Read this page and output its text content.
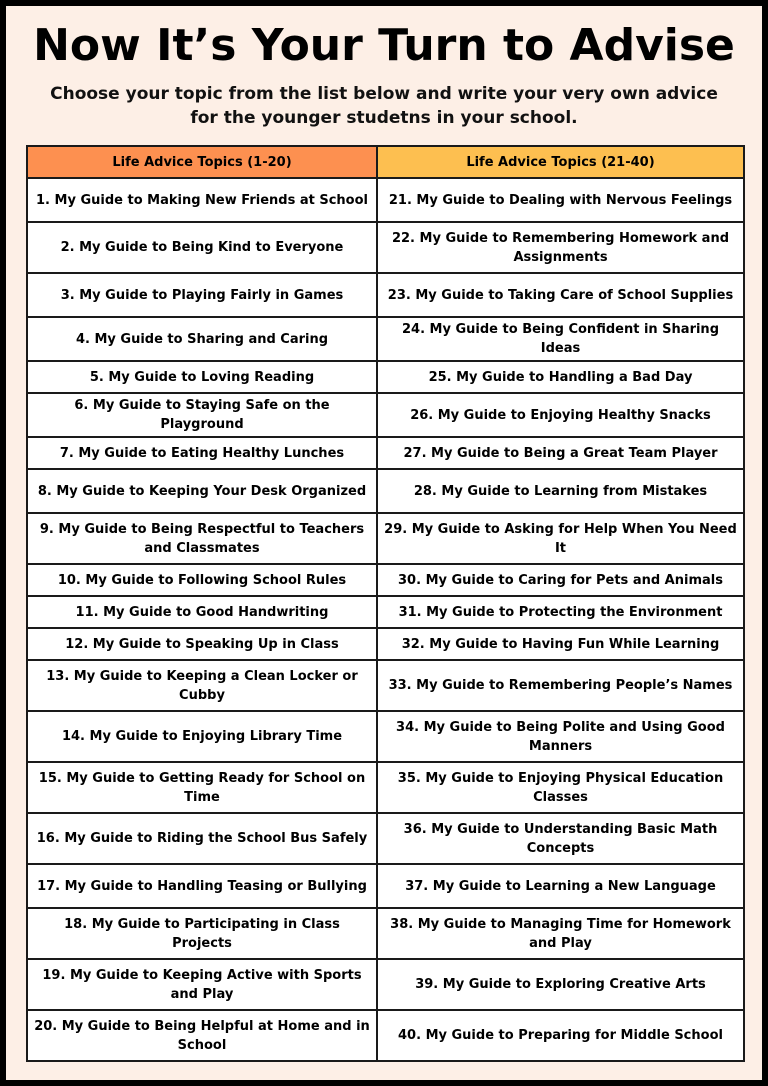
Now It’s Your Turn to Advise
Choose your topic from the list below and write your very own advice for the younger studetns in your school.
Life Advice Topics (1-20)	Life Advice Topics (21-40)
1. My Guide to Making New Friends at School	21. My Guide to Dealing with Nervous Feelings
2. My Guide to Being Kind to Everyone	22. My Guide to Remembering Homework and Assignments
3. My Guide to Playing Fairly in Games	23. My Guide to Taking Care of School Supplies
4. My Guide to Sharing and Caring	24. My Guide to Being Confident in Sharing Ideas
5. My Guide to Loving Reading	25. My Guide to Handling a Bad Day
6. My Guide to Staying Safe on the Playground	26. My Guide to Enjoying Healthy Snacks
7. My Guide to Eating Healthy Lunches	27. My Guide to Being a Great Team Player
8. My Guide to Keeping Your Desk Organized	28. My Guide to Learning from Mistakes
9. My Guide to Being Respectful to Teachers and Classmates	29. My Guide to Asking for Help When You Need It
10. My Guide to Following School Rules	30. My Guide to Caring for Pets and Animals
11. My Guide to Good Handwriting	31. My Guide to Protecting the Environment
12. My Guide to Speaking Up in Class	32. My Guide to Having Fun While Learning
13. My Guide to Keeping a Clean Locker or Cubby	33. My Guide to Remembering People’s Names
14. My Guide to Enjoying Library Time	34. My Guide to Being Polite and Using Good Manners
15. My Guide to Getting Ready for School on Time	35. My Guide to Enjoying Physical Education Classes
16. My Guide to Riding the School Bus Safely	36. My Guide to Understanding Basic Math Concepts
17. My Guide to Handling Teasing or Bullying	37. My Guide to Learning a New Language
18. My Guide to Participating in Class Projects	38. My Guide to Managing Time for Homework and Play
19. My Guide to Keeping Active with Sports and Play	39. My Guide to Exploring Creative Arts
20. My Guide to Being Helpful at Home and in School	40. My Guide to Preparing for Middle School
